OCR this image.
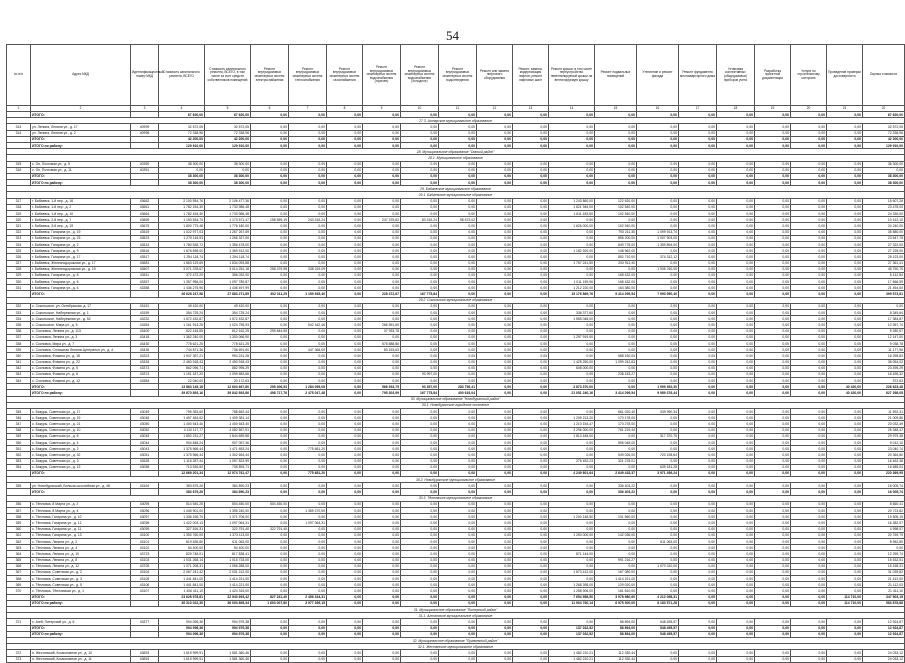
54
№ п/п	Адрес МКД	Идентификационный номер МКД	Стоимость капитального ремонта, ВСЕГО	Стоимость капитального ремонта, ВСЕГО, в том числе за счет средств собственников помещений	Ремонт внутридомовых инженерных систем электроснабжения	Ремонт внутридомовых инженерных систем теплоснабжения	Ремонт внутридомовых инженерных систем газоснабжения	Ремонт внутридомовых инженерных систем водоснабжения (горячее)	Ремонт внутридомовых инженерных систем водоснабжения (холодное)	Ремонт внутридомовых инженерных систем водоотведения	Ремонт или замена лифтового оборудования	Ремонт, замена, модернизация лифтов, ремонт лифтовых шахт	Ремонт крыши, в том числе переустройство невентилируемой крыши на вентилируемую крышу	Ремонт подвальных помещений	Утепление и ремонт фасада	Ремонт фундамента многоквартирного дома	Установка коллективных (общедомовых) приборов учета	Разработка проектной документации	Услуги по строительному контролю	Проведение проверки достоверности	Оценка стоимости	
1	2	3	4	5	6	7	8	9	10	11	12	13	14	15	16	17	18	19	20	21	22	
	ИТОГО:		67 620,00	67 620,00	0,00	0,00	0,00	0,00	0,00	0,00	0,00	0,00	0,00	0,00	0,00	0,00	0,00	0,00	0,00	0,00	67 620,00	
27.3. Ахтарское муниципальное образование																						
313	ул. Ленина, Ленина ул., д. 17	40999	32 572,05	32 572,05	0,00	0,00	0,00	0,00	0,00	0,00	0,00	0,00	0,00	0,00	0,00	0,00	0,00	0,00	0,00	0,00	32 572,05	
314	ул. Ленина, Ленина ул., д. 2	40998	72 338,96	72 338,96	0,00	0,00	0,00	0,00	0,00	0,00	0,00	0,00	0,00	0,00	0,00	0,00	0,00	0,00	0,00	0,00	72 338,96	
	ИТОГО:		42 200,00	42 200,00	0,00	0,00	0,00	0,00	0,00	0,00	0,00	0,00	0,00	0,00	0,00	0,00	0,00	0,00	0,00	0,00	42 200,00	
	ИТОГО по району:		129 910,00	129 910,00	0,00	0,00	0,00	0,00	0,00	0,00	0,00	0,00	0,00	0,00	0,00	0,00	0,00	0,00	0,00	0,00	129 910,00	
28. Муниципальное образование "Омский район"																						
28.1. Муниципальное образование																						
315	с. Оп, Почтовая ул., д. 5	40390	38 300,00	38 300,00	0,00	0,00	0,00	0,00	0,00	0,00	0,00	0,00	0,00	0,00	0,00	0,00	0,00	0,00	0,00	0,00	38 300,00	
316	с. Оп, Почтовая ул., д. 11	40391	0,00	0,00	0,00	0,00	0,00	0,00	0,00	0,00	0,00	0,00	0,00	0,00	0,00	0,00	0,00	0,00	0,00	0,00	0,00	
	ИТОГО:		38 300,00	38 300,00	0,00	0,00	0,00	0,00	0,00	0,00	0,00	0,00	0,00	0,00	0,00	0,00	0,00	0,00	0,00	0,00	38 300,00	
	ИТОГО по району:		38 300,00	38 300,00	0,00	0,00	0,00	0,00	0,00	0,00	0,00	0,00	0,00	0,00	0,00	0,00	0,00	0,00	0,00	0,00	38 300,00	
29. Бабаевское муниципальное образование																						
29.1. Бабаевское муниципальное образование																						
317	г. Бабаевск, 1-й пер., д. 16	43662	2 100 554,76	2 106 477,36	0,00	0,00	0,00	0,00	0,00	0,00	0,00	0,00	1 243 860,00	122 620,00	0,00	0,00	0,00	0,00	0,00	0,00	15 607,26	
318	г. Бабаевск, 1-й пер., д. 2	43661	1 782 154,30	1 733 986,48	0,00	0,00	0,00	0,00	0,00	0,00	0,00	0,00	1 621 946,00	102 540,00	0,00	0,00	0,00	0,00	0,00	0,00	23 478,00	
319	г. Бабаевск, 1-й пер., д. 10	43664	1 782 154,30	1 733 986,48	0,00	0,00	0,00	0,00	0,00	0,00	0,00	0,00	1 611 183,50	102 540,00	0,00	0,00	0,00	0,00	0,00	0,00	24 330,00	
320	г. Бабаевск, 2-й пер., д. 7	43665	1 153 534,70	1 173 571,47	158 559,19	243 315,24	0,00	247 375,82	83 315,24	98 673,02	0,00	0,00	0,00	0,00	0,00	0,00	0,00	0,00	0,00	0,00	10 412,10	
321	г. Бабаевск, 3-й пер., д. 19	43675	1 800 779,48	1 776 180,00	0,00	0,00	0,00	0,00	0,00	0,00	0,00	0,00	1 626 000,00	102 940,00	0,00	0,00	0,00	0,00	0,00	0,00	24 240,00	
322	г. Бабаевск, Гагарина ул., д. 19	43519	1 022 977,03	1 267 267,69	0,00	0,00	0,00	0,00	0,00	0,00	0,00	0,00	0,00	793 211,30	1 099 913,74	0,00	0,00	0,00	0,00	0,00	35 880,00	
323	г. Бабаевск, Гагарина ул., д. 23	43523	1 270 116,93	1 266 327,00	0,00	0,00	0,00	0,00	0,00	0,00	0,00	0,00	0,00	855 200,00	1 007 903,00	0,00	0,00	0,00	0,00	0,00	23 547,75	
324	г. Бабаевск, Гагарина ул., д. 2	43513	1 780 528,72	1 356 478,00	0,00	0,00	0,00	0,00	0,00	0,00	0,00	0,00	0,00	849 778,00	1 359 894,00	0,00	0,00	0,00	0,00	0,00	27 322,00	
325	г. Бабаевск, Гагарина ул., д. 9	43516	1 676 698,00	1 369 512,00	0,00	0,00	0,00	0,00	0,00	0,00	0,00	0,00	1 182 920,00	148 962,00	0,00	0,00	0,00	0,00	0,00	0,00	27 225,00	
326	г. Бабаевск, Гагарина ул., д. 17	43517	1 254 118,74	1 254 118,74	0,00	0,00	0,00	0,00	0,00	0,00	0,00	0,00	0,00	852 710,00	374 312,12	0,00	0,00	0,00	0,00	0,00	25 123,00	
327	г. Бабаевск, Железнодорожная ул., д. 17	43681	1 863 129,69	1 834 093,88	0,00	0,00	0,00	0,00	0,00	0,00	0,00	0,00	1 757 241,50	200 911,40	0,00	0,00	0,00	0,00	0,00	0,00	27 361,41	
328	г. Бабаевск, Железнодорожная ул., д. 19	43507	3 071 378,67	3 014 251,18	258 379,98	338 319,09	0,00	0,00	0,00	0,00	0,00	0,00	0,00	0,00	1 935 760,00	0,00	0,00	0,00	0,00	0,00	45 750,75	
329	г. Бабаевск, Гагарина ул., д. 8	43511	372 472,20	356 032,00	0,00	0,00	0,00	0,00	0,00	0,00	0,00	0,00	0,00	168 432,00	0,00	0,00	0,00	0,00	0,00	0,00	5 412,84	
330	г. Бабаевск, Гагарина ул., д. 6	43357	1 357 956,00	1 097 789,87	0,00	0,00	0,00	0,00	0,00	0,00	0,00	0,00	1 011 159,96	168 432,00	0,00	0,00	0,00	0,00	0,00	0,00	17 666,59	
331	г. Бабаевск, Гагарина ул., д. 4	43358	1 436 275,96	1 436 497,99	0,00	0,00	0,00	0,00	0,00	0,00	0,00	0,00	1 212 220,00	163 380,00	0,00	0,00	0,00	0,00	0,00	0,00	21 454,00	
	ИТОГО:		26 628 247,98	27 883 271,89	302 311,25	1 159 945,40	0,00	228 372,87	167 775,84	0,00	0,00	0,00	15 176 869,76	5 414 299,54	7 993 950,40	0,00	0,00	0,00	0,00	0,00	399 573,81	
29.2. Сокольское муниципальное образование																						
332	с. Сокольское, ул. Октябрьская, д. 17	43151	49 420,00	49 420,00	0,00	0,00	0,00	0,00	0,00	0,00	0,00	0,00	0,00	0,00	0,00	0,00	0,00	0,00	0,00	0,00	0,00	
333	с. Сокольское, Набережная ул., д. 1	43159	354 725,24	354 725,24	0,00	0,00	0,00	0,00	0,00	0,00	0,00	0,00	336 377,60	0,00	0,00	0,00	0,00	0,00	0,00	0,00	8 345,64	
334	с. Сокольское, Набережная ул., д. 52	43232	1 572 432,87	1 572 432,87	0,00	0,00	0,00	0,00	0,00	0,00	0,00	0,00	1 555 048,00	0,00	0,00	0,00	0,00	0,00	0,00	0,00	17 384,87	
335	с. Сокольское, Мира ул., д. 5	43354	1 161 913,25	1 024 755,93	0,00	542 162,46	0,00	266 551,60	0,00	0,00	0,00	0,00	0,00	0,00	0,00	0,00	0,00	0,00	0,00	0,00	12 957,74	
336	с. Сосновка, Ленина ул., д. 113	43400	622 416,85	612 162,25	295 844,55	0,00	0,00	37 933,78	0,00	0,00	0,00	0,00	0,00	0,00	0,00	0,00	0,00	0,00	0,00	0,00	9 280,57	
337	с. Сосновка, Ленина ул., д. 3	43418	1 362 240,00	1 300 066,90	0,00	0,00	0,00	0,00	0,00	0,00	0,00	0,00	1 297 919,90	0,00	0,00	0,00	0,00	0,00	0,00	0,00	12 147,00	
338	с. Сосновка, Мира ул., д. 7	43430	778 621,25	778 621,25	0,00	0,00	0,00	578 888,86	0,00	0,00	0,00	0,00	0,00	0,00	0,00	0,00	0,00	0,00	0,00	0,00	9 038,78	
339	с. Сосновка, Сплошная Ленина-Центральн ул., д. 4	43435	744 871,36	736 691,60	0,00	447 366,00	0,00	83 153,63	0,00	0,00	0,00	0,00	0,00	0,00	0,00	0,00	0,00	0,00	0,00	0,00	11 177,96	
340	с. Сосновка, Фомина ул., д. 18	43323	1 947 397,21	994 231,28	0,00	0,00	0,00	0,00	0,00	0,00	0,00	0,00	0,00	588 150,00	0,00	0,00	0,00	0,00	0,00	0,00	16 295,83	
341	с. Сосновка, Фомина ул., д. 22	43326	2 460 918,43	2 450 918,43	0,00	0,00	0,00	0,00	0,00	0,00	0,00	0,00	1 425 250,00	1 099 242,63	0,00	0,00	0,00	0,00	0,00	0,00	36 054,02	
342	с. Сосновка, Фомина ул., д. 5	43373	862 096,71	882 995,29	0,00	0,00	0,00	0,00	0,00	0,00	0,00	0,00	608 000,00	0,00	0,00	0,00	0,00	0,00	0,00	0,00	23 495,29	
343	с. Сосновка, Фомина ул., д. 6	43374	1 151 187,20	1 099 683,66	0,00	0,00	0,00	0,00	93 997,00	0,00	0,00	0,00	0,00	238 153,27	0,00	0,00	0,00	0,00	0,00	0,00	18 495,32	
344	с. Сосновка, Фомина ул., д. 12	43384	22 040,00	20 172,63	0,00	0,00	0,00	0,00	0,00	0,00	0,00	0,00	0,00	0,00	0,00	0,00	0,00	0,00	0,00	0,00	972,63	
	ИТОГО:		13 863 145,18	12 604 667,80	295 406,53	1 284 099,08	0,00	566 933,75	93 357,00	283 756,41	0,00	0,00	3 873 370,00	0,00	1 999 392,30	0,00	0,00	0,00	0,00	40 420,00	226 623,48	
	ИТОГО по району:		39 870 893,16	39 842 893,86	498 717,78	2 475 047,48	0,00	795 303,99	167 775,84	400 616,04	0,00	0,00	21 051 240,16	3 414 299,54	9 989 376,44	0,00	0,00	0,00	0,00	40 420,00	627 398,05	
30. Муниципальное образование "Новобурасский район"																						
30.1. Новобурасское городское поселение																						
345	с. Бакуры, Советская ул., д. 17	43049	795 353,60	788 652,44	0,00	0,00	0,00	0,00	0,00	0,00	0,00	0,00	0,00	661 020,40	339 990,34	0,00	0,00	0,00	0,00	0,00	11 592,31	
346	с. Бакуры, Советская ул., д. 19	43048	1 457 484,62	1 409 381,14	0,00	0,00	0,00	0,00	0,00	0,00	0,00	0,00	1 209 213,20	170 178,00	0,00	0,00	0,00	0,00	0,00	0,00	21 009,86	
347	с. Бакуры, Советская ул., д. 21	43050	1 400 543,40	1 400 543,40	0,00	0,00	0,00	0,00	0,00	0,00	0,00	0,00	1 210 154,47	170 278,00	0,00	0,00	0,00	0,00	0,00	0,00	20 032,49	
348	с. Бакуры, Советская ул., д. 10	43052	4 110 117,77	4 082 567,91	0,00	0,00	0,00	0,00	0,00	0,00	0,00	0,00	3 296 000,00	761 219,44	0,00	0,00	0,00	0,00	0,00	0,00	25 348,47	
349	с. Бакуры, Советская ул., д. 6	43045	1 850 231,27	1 844 659,88	0,00	0,00	0,00	0,00	0,00	0,00	0,00	0,00	1 813 448,00	0,00	317 370,75	0,00	0,00	0,00	0,00	0,00	29 979,38	
350	с. Бакуры, Советская ул., д. 4	43044	904 848,24	907 057,36	0,00	0,00	0,00	0,00	0,00	0,00	0,00	0,00	0,00	596 048,00	0,00	0,00	0,00	0,00	0,00	0,00	9 012,10	
351	с. Бакуры, Советская ул., д. 2	43043	1 375 566,44	1 471 653,24	0,00	775 681,20	0,00	0,00	0,00	0,00	0,00	0,00	0,00	0,00	0,00	0,00	0,00	0,00	0,00	0,00	23 040,74	
352	с. Бакуры, Советская ул., д. 32	43051	1 375 566,44	1 302 654,44	0,00	0,00	0,00	0,00	0,00	0,00	0,00	0,00	0,00	549 026,00	720 198,64	0,00	0,00	0,00	0,00	0,00	20 364,80	
353	с. Бакуры, Советская ул., д. 3	43528	1 116 287,44	1 097 823,99	0,00	0,00	0,00	0,00	0,00	0,00	0,00	0,00	275 452,23	321 278,01	0,00	0,00	0,00	0,00	0,00	0,00	16 462,48	
354	с. Бакуры, Советская ул., д. 13	43058	713 926,50	705 893,71	0,00	0,00	0,00	0,00	0,00	0,00	0,00	0,00	0,00	0,00	639 181,28	0,00	0,00	0,00	0,00	0,00	16 685,04	
	ИТОГО:		12 669 201,34	12 974 761,47	0,00	775 681,20	0,00	0,00	0,00	0,00	0,00	0,00	4 249 801,64	2 649 418,37	3 971 499,24	0,00	0,00	0,00	0,00	0,00	220 369,95	
30.2. Новобурасское муниципальное образование																						
355	рп. Новобурасский, Вольско-шоссейная ул., д. 48	43164	383 675,26	384 890,23	0,00	0,00	0,00	0,00	0,00	0,00	0,00	0,00	0,00	336 403,22	0,00	0,00	0,00	0,00	0,00	0,00	16 005,74	
	ИТОГО:		383 675,26	384 890,23	0,00	0,00	0,00	0,00	0,00	0,00	0,00	0,00	0,00	336 403,22	0,00	0,00	0,00	0,00	0,00	0,00	16 005,74	
30.3. Тёпловское муниципальное образование																						
356	с. Тёпловка, 8 Марта ул., д. 2	43095	514 540,25	504 450,00	504 450,00	0,00	0,00	0,00	0,00	0,00	0,00	0,00	0,00	0,00	0,00	0,00	0,00	0,00	0,00	0,00	8 660,41	
357	с. Тёпловка, 8 Марта ул., д. 4	43096	1 445 901,00	1 395 240,00	0,00	1 359 270,00	0,00	0,00	0,00	0,00	0,00	0,00	0,00	0,00	0,00	0,00	0,00	0,00	0,00	0,00	20 723,82	
358	с. Тёпловка, Гагарина ул., д. 10	43097	1 336 156,70	1 371 706,00	0,00	0,00	0,00	0,00	0,00	0,00	0,00	0,00	1 200 148,50	101 560,00	0,00	0,00	0,00	0,00	0,00	0,00	19 805,19	
359	с. Тёпловка, Гагарина ул., д. 12	43098	1 422 003,13	1 097 064,31	0,00	1 097 064,31	0,00	0,00	0,00	0,00	0,00	0,00	0,00	0,00	0,00	0,00	0,00	0,00	0,00	0,00	16 382,97	
360	с. Тёпловка, Гагарина ул., д. 11	43099	327 516,31	322 791,40	322 791,40	0,00	0,00	0,00	0,00	0,00	0,00	0,00	0,00	0,00	0,00	0,00	0,00	0,00	0,00	0,00	4 998,97	
361	с. Тёпловка, Гагарина ул., д. 13	43100	1 350 760,00	1 373 113,00	0,00	0,00	0,00	0,00	0,00	0,00	0,00	0,00	1 253 000,00	142 036,00	0,00	0,00	0,00	0,00	0,00	0,00	20 769,79	
362	с. Тёпловка, Ленина ул., д. 2	43101	619 635,80	611 063,00	0,00	0,00	0,00	0,00	0,00	0,00	0,00	0,00	0,00	0,00	611 063,00	0,00	0,00	0,00	0,00	0,00	8 952,80	
363	с. Тёпловка, Ленина ул., д. 4	43102	54 400,00	54 400,00	0,00	0,00	0,00	0,00	0,00	0,00	0,00	0,00	0,00	0,00	0,00	0,00	0,00	0,00	0,00	0,00	0,00	
364	с. Тёпловка, Ленина ул., д. 10	43723	829 748,01	817 838,41	0,00	0,00	0,00	0,00	0,00	0,00	0,00	0,00	871 144,00	0,00	0,00	0,00	0,00	0,00	0,00	0,00	12 259,74	
365	с. Тёпловка, Ленина ул., д. 8	43103	1 031 268,14	1 015 733,00	0,00	0,00	0,00	0,00	0,00	0,00	0,00	0,00	0,00	991 216,27	0,00	0,00	0,00	0,00	0,00	0,00	15 532,51	
366	с. Тёпловка, Ленина ул., д. 12	43705	1 071 208,31	1 056 288,00	0,00	0,00	0,00	0,00	0,00	0,00	0,00	0,00	0,00	0,00	1 070 310,00	0,00	0,00	0,00	0,00	0,00	16 168,31	
367	с. Тёпловка, Советская ул., д. 2	43104	2 067 241,42	2 031 212,00	0,00	0,00	0,00	0,00	0,00	0,00	0,00	0,00	1 873 412,00	167 080,00	0,00	0,00	0,00	0,00	0,00	0,00	31 039,82	
368	с. Тёпловка, Советская ул., д. 3	43105	1 441 841,00	1 414 221,00	0,00	0,00	0,00	0,00	0,00	0,00	0,00	0,00	0,00	1 414 221,00	0,00	0,00	0,00	0,00	0,00	0,00	21 412,00	
369	с. Тёпловка, Советская ул., д. 5	43106	1 441 841,00	1 414 221,00	0,00	0,00	0,00	0,00	0,00	0,00	0,00	0,00	1 268 398,00	129 020,00	0,00	0,00	0,00	0,00	0,00	0,00	21 112,03	
370	с. Тёпловка, Тёпловская ул., д. 1	43107	1 406 411,10	1 424 315,00	0,00	0,00	0,00	0,00	0,00	0,00	0,00	0,00	1 258 906,00	161 810,00	0,00	0,00	0,00	0,00	0,00	0,00	21 411,10	
	ИТОГО:		23 628 978,81	22 943 693,42	827 241,40	2 456 334,31	0,00	0,00	0,00	0,00	0,00	0,00	7 654 958,50	3 978 980,60	4 212 098,31	0,00	0,00	0,00	0,00	114 710,00	347 503,19	
	ИТОГО по району:		36 310 022,30	36 003 895,34	1 603 007,80	3 977 399,15	0,00	0,00	0,00	0,00	0,00	0,00	11 904 760,14	6 975 300,00	8 183 571,28	0,00	0,00	0,00	0,00	114 710,00	583 878,88	
31. Муниципальное образование "Питерский район"																						
31.1. Алтатское муниципальное образование																						
371	с. Агей, Питерский ул., д. 6	43377	904 096,36	994 979,38	0,00	0,00	0,00	0,00	0,00	0,00	0,00	0,00	0,00	88 894,00	548 495,57	0,00	0,00	0,00	0,00	0,00	12 924,87	
	ИТОГО:		904 096,36	994 979,38	0,00	0,00	0,00	0,00	0,00	0,00	0,00	0,00	137 032,52	88 894,00	548 495,57	0,00	0,00	0,00	0,00	0,00	12 924,87	
	ИТОГО по району:		904 096,36	994 979,38	0,00	0,00	0,00	0,00	0,00	0,00	0,00	0,00	137 032,52	88 894,00	548 495,57	0,00	0,00	0,00	0,00	0,00	12 924,87	
32. Муниципальное образование "Пугачевский район"																						
32.1. Жестянское муниципальное образование																						
372	п. Жестянский, Космонавтов ул., д. 10	43693	1 619 999,91	1 581 360,46	0,00	0,00	0,00	0,00	0,00	0,00	0,00	0,00	1 482 210,21	112 330,44	0,00	0,00	0,00	0,00	0,00	0,00	24 033,12	
373	п. Жестянский, Космонавтов ул., д. 11	43694	1 619 999,91	1 581 360,46	0,00	0,00	0,00	0,00	0,00	0,00	0,00	0,00	1 482 210,21	112 330,44	0,00	0,00	0,00	0,00	0,00	0,00	24 033,12	
